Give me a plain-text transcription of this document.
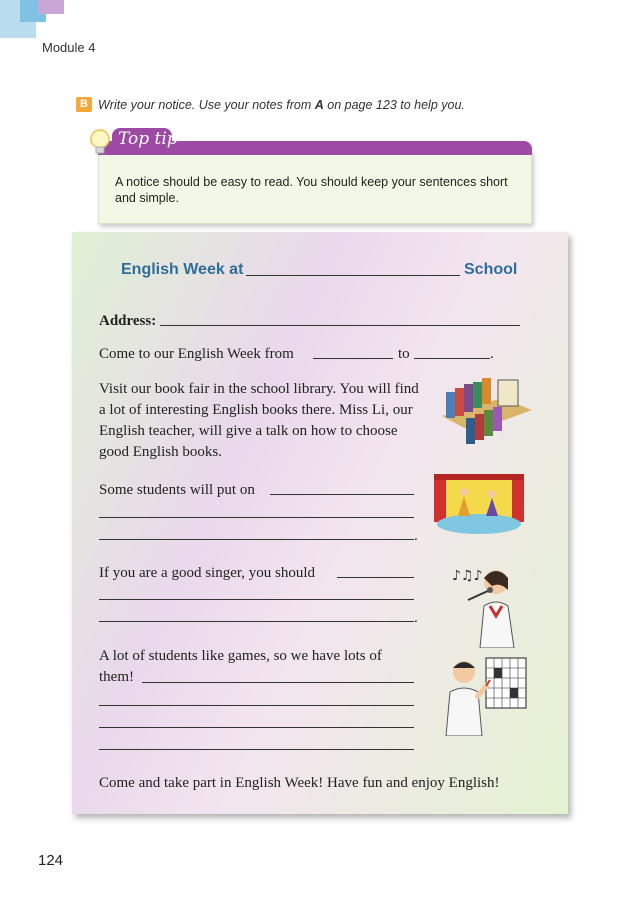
Module 4
B Write your notice. Use your notes from A on page 123 to help you.
Top tip
A notice should be easy to read. You should keep your sentences short and simple.
English Week at	School
Address:
Come to our English Week from	to	.
Visit our book fair in the school library. You will find a lot of interesting English books there. Miss Li, our English teacher, will give a talk on how to choose good English books.
Some students will put on
.
If you are a good singer, you should
.
♪♫♪
A lot of students like games, so we have lots of
them!
Come and take part in English Week! Have fun and enjoy English!
124
